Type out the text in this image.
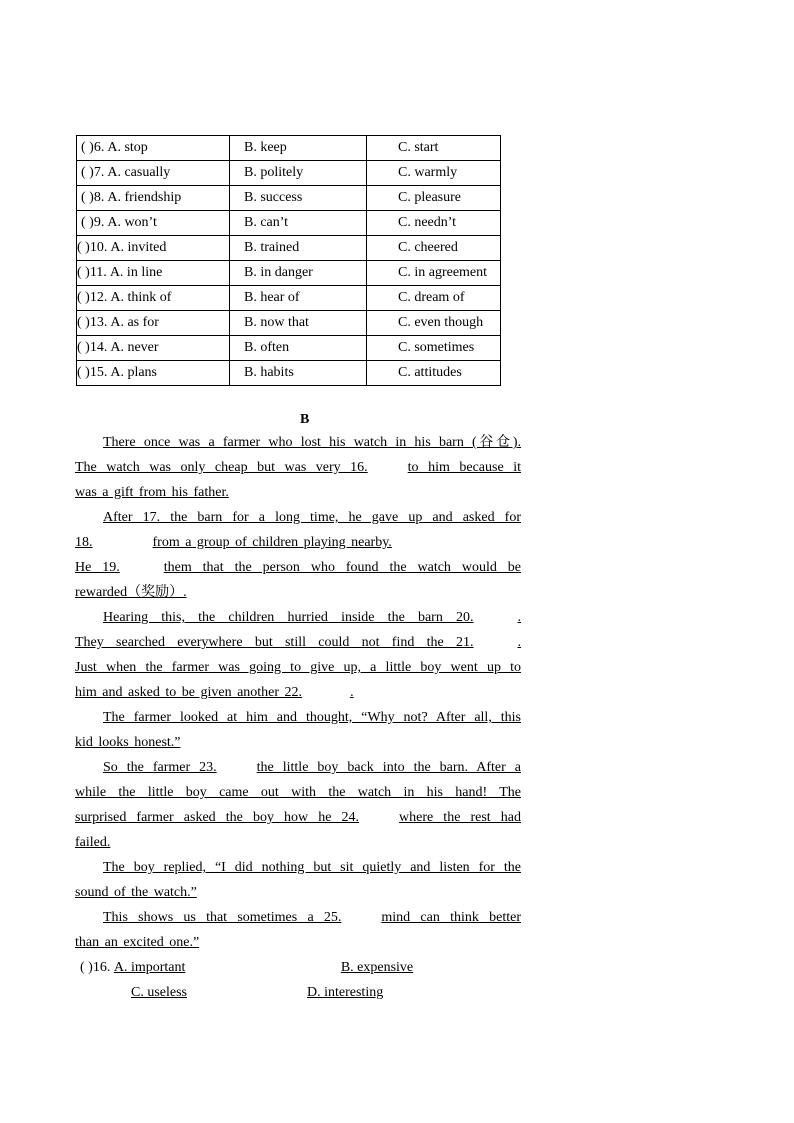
( )6. A. stop	B. keep	C. start
( )7. A. casually	B. politely	C. warmly
( )8. A. friendship	B. success	C. pleasure
( )9. A. won’t	B. can’t	C. needn’t
( )10. A. invited	B. trained	C. cheered
( )11. A. in line	B. in danger	C. in agreement
( )12. A. think of	B. hear of	C. dream of
( )13. A. as for	B. now that	C. even though
( )14. A. never	B. often	C. sometimes
( )15. A. plans	B. habits	C. attitudes
B

There once was a farmer who lost his watch in his barn (谷仓).

The watch was only cheap but was very 16.	to him because it

was a gift from his father.

After 17. the barn for a long time, he gave up and asked for

18.	from a group of children playing nearby.

He 19.	them that the person who found the watch would be

rewarded（奖励）.

Hearing this, the children hurried inside the barn 20.	.

They searched everywhere but still could not find the 21.	.

Just when the farmer was going to give up, a little boy went up to

him and asked to be given another 22.	.

The farmer looked at him and thought, “Why not? After all, this

kid looks honest.”

So the farmer 23.	the little boy back into the barn. After a

while the little boy came out with the watch in his hand! The

surprised farmer asked the boy how he 24.	where the rest had

failed.

The boy replied, “I did nothing but sit quietly and listen for the

sound of the watch.”

This shows us that sometimes a 25.	mind can think better

than an excited one.”

( )16. A. important	B. expensive
C. useless	D. interesting
